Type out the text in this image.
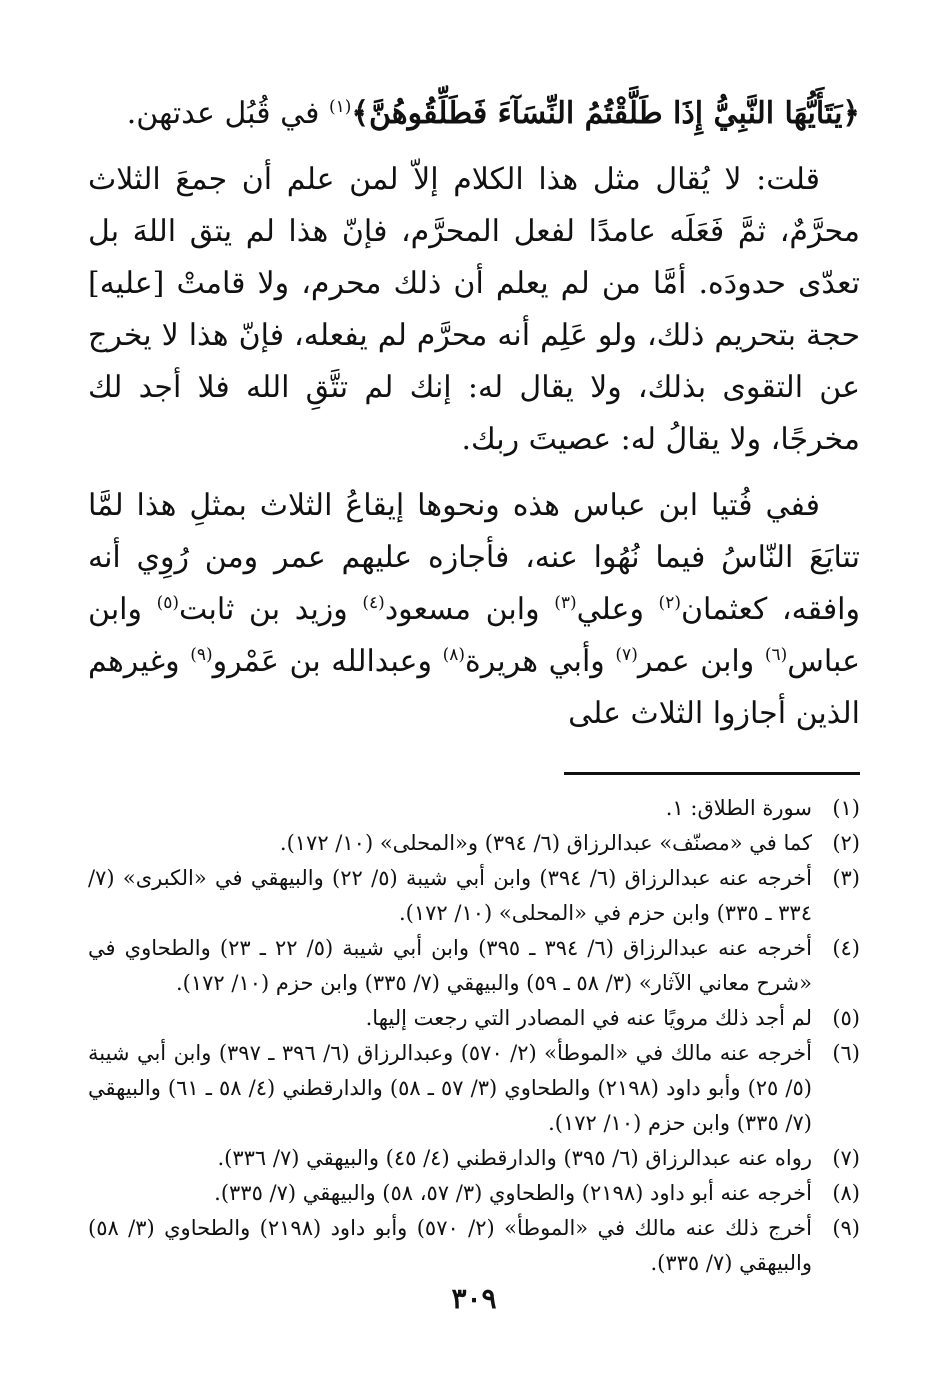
﴿يَتَأَيُّهَا النَّبِيُّ إِذَا طَلَّقْتُمُ النِّسَآءَ فَطَلِّقُوهُنَّ﴾$^{(١)}$ في قُبُل عدتهن.

قلت: لا يُقال مثل هذا الكلام إلاّ لمن علم أن جمعَ الثلاث محرَّمٌ، ثمَّ فَعَلَه عامدًا لفعل المحرَّم، فإنّ هذا لم يتق اللهَ بل تعدّى حدودَه. أمَّا من لم يعلم أن ذلك محرم، ولا قامتْ [عليه] حجة بتحريم ذلك، ولو عَلِم أنه محرَّم لم يفعله، فإنّ هذا لا يخرج عن التقوى بذلك، ولا يقال له: إنك لم تتَّقِ الله فلا أجد لك مخرجًا، ولا يقالُ له: عصيتَ ربك.

ففي فُتيا ابن عباس هذه ونحوها إيقاعُ الثلاث بمثلِ هذا لمَّا تتايَعَ النّاسُ فيما نُهُوا عنه، فأجازه عليهم عمر ومن رُوِي أنه وافقه، كعثمان$^{(٢)}$ وعلي$^{(٣)}$ وابن مسعود$^{(٤)}$ وزيد بن ثابت$^{(٥)}$ وابن عباس$^{(٦)}$ وابن عمر$^{(٧)}$ وأبي هريرة$^{(٨)}$ وعبدالله بن عَمْرو$^{(٩)}$ وغيرهم الذين أجازوا الثلاث على

(١)
سورة الطلاق: ١.
(٢)
كما في «مصنّف» عبدالرزاق (٦/ ٣٩٤) و«المحلى» (١٠/ ١٧٢).
(٣)
أخرجه عنه عبدالرزاق (٦/ ٣٩٤) وابن أبي شيبة (٥/ ٢٢) والبيهقي في «الكبرى» (٧/ ٣٣٤ ـ ٣٣٥) وابن حزم في «المحلى» (١٠/ ١٧٢).
(٤)
أخرجه عنه عبدالرزاق (٦/ ٣٩٤ ـ ٣٩٥) وابن أبي شيبة (٥/ ٢٢ ـ ٢٣) والطحاوي في «شرح معاني الآثار» (٣/ ٥٨ ـ ٥٩) والبيهقي (٧/ ٣٣٥) وابن حزم (١٠/ ١٧٢).
(٥)
لم أجد ذلك مرويًا عنه في المصادر التي رجعت إليها.
(٦)
أخرجه عنه مالك في «الموطأ» (٢/ ٥٧٠) وعبدالرزاق (٦/ ٣٩٦ ـ ٣٩٧) وابن أبي شيبة (٥/ ٢٥) وأبو داود (٢١٩٨) والطحاوي (٣/ ٥٧ ـ ٥٨) والدارقطني (٤/ ٥٨ ـ ٦١) والبيهقي (٧/ ٣٣٥) وابن حزم (١٠/ ١٧٢).
(٧)
رواه عنه عبدالرزاق (٦/ ٣٩٥) والدارقطني (٤/ ٤٥) والبيهقي (٧/ ٣٣٦).
(٨)
أخرجه عنه أبو داود (٢١٩٨) والطحاوي (٣/ ٥٧، ٥٨) والبيهقي (٧/ ٣٣٥).
(٩)
أخرج ذلك عنه مالك في «الموطأ» (٢/ ٥٧٠) وأبو داود (٢١٩٨) والطحاوي (٣/ ٥٨) والبيهقي (٧/ ٣٣٥).
٣٠٩
